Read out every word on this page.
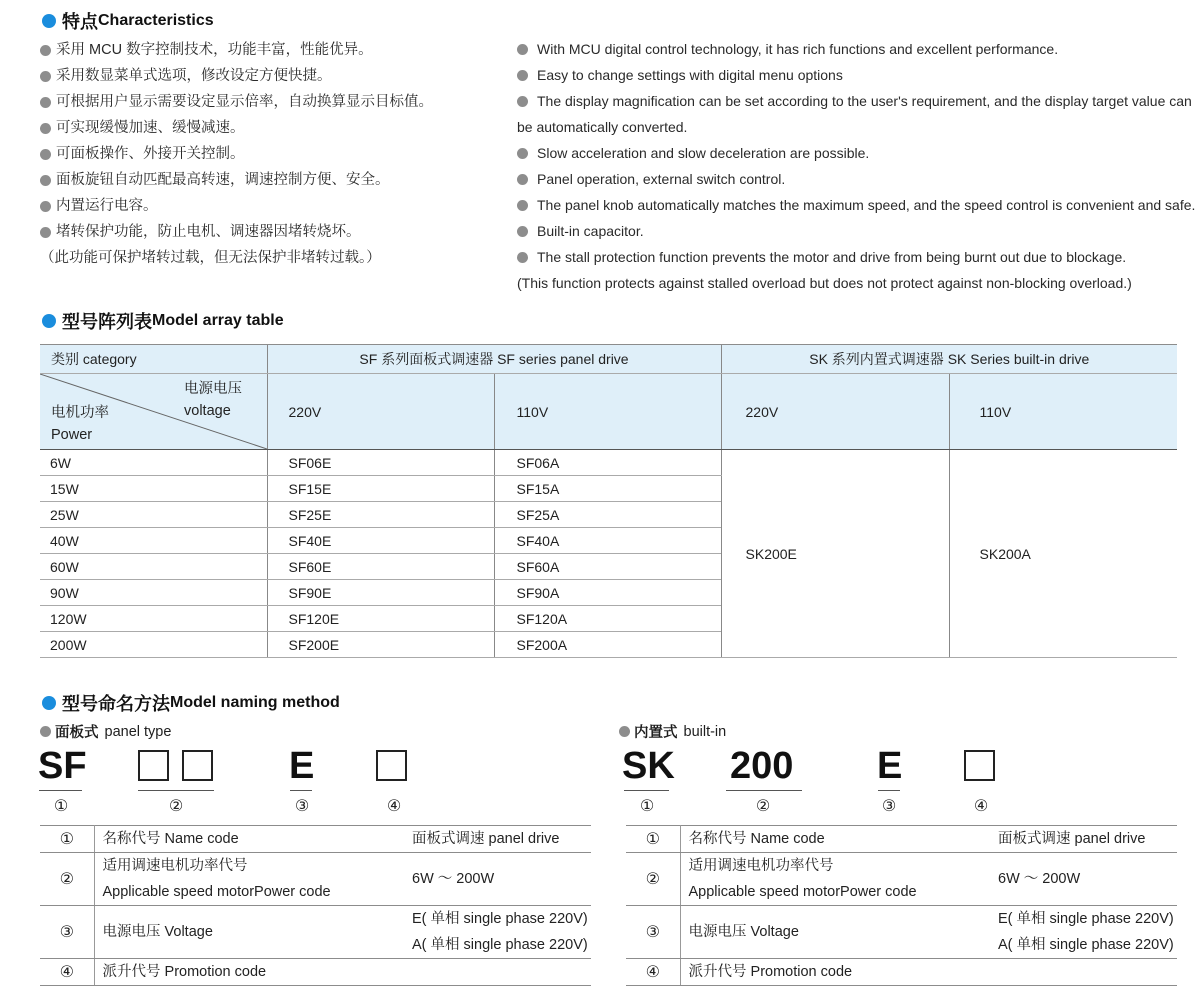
特点 Characteristics
采用 MCU 数字控制技术，功能丰富，性能优异。
采用数显菜单式选项，修改设定方便快捷。
可根据用户显示需要设定显示倍率，自动换算显示目标值。
可实现缓慢加速、缓慢减速。
可面板操作、外接开关控制。
面板旋钮自动匹配最高转速，调速控制方便、安全。
内置运行电容。
堵转保护功能，防止电机、调速器因堵转烧坏。
（此功能可保护堵转过载，但无法保护非堵转过载。）
With MCU digital control technology, it has rich functions and excellent performance.
Easy to change settings with digital menu options
The display magnification can be set according to the user's requirement, and the display target value can
be automatically converted.
Slow acceleration and slow deceleration are possible.
Panel operation, external switch control.
The panel knob automatically matches the maximum speed, and the speed control is convenient and safe.
Built-in capacitor.
The stall protection function prevents the motor and drive from being burnt out due to blockage.
(This function protects against stalled overload but does not protect against non-blocking overload.)
型号阵列表 Model array table
类别 category	SF 系列面板式调速器 SF series panel drive		SK 系列内置式调速器 SK Series built-in drive	

电源电压
voltage
电机功率
Power	220V	110V	220V	110V
6W	SF06E	SF06A	SK200E	SK200A
15W	SF15E	SF15A		
25W	SF25E	SF25A		
40W	SF40E	SF40A		
60W	SF60E	SF60A		
90W	SF90E	SF90A		
120W	SF120E	SF120A		
200W	SF200E	SF200A		
型号命名方法 Model naming method
面板式 panel type
SF	E
①	②	③	④
①	名称代号 Name code	面板式调速 panel drive
②	适用调速电机功率代号
Applicable speed motorPower code	6W ～ 200W
③	电源电压 Voltage	E( 单相 single phase 220V)
A( 单相 single phase 220V)

④	派升代号 Promotion code	
内置式 built-in
SK 200 E
①	②	③	④
①	名称代号 Name code	面板式调速 panel drive
②	适用调速电机功率代号
Applicable speed motorPower code	6W ～ 200W
③	电源电压 Voltage	E( 单相 single phase 220V)
A( 单相 single phase 220V)

④	派升代号 Promotion code	
